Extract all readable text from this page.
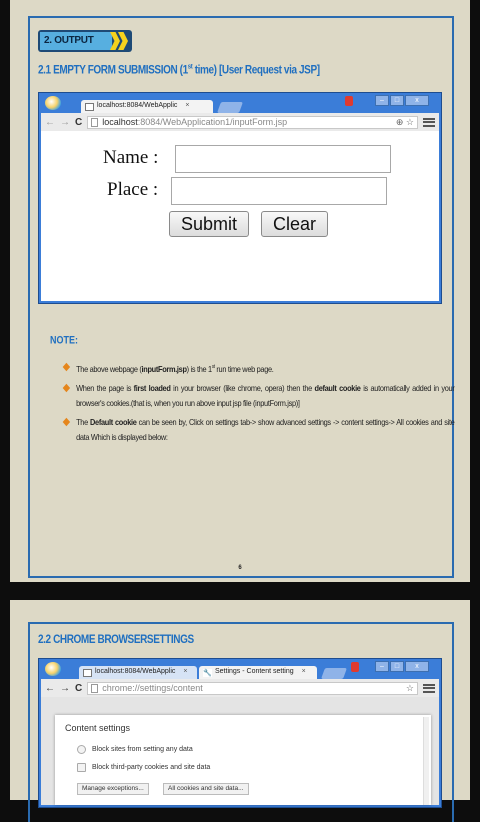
2. OUTPUT
2.1 EMPTY FORM SUBMISSION (1st time) [User Request via JSP]
localhost:8084/WebApplic ×
–	□	x
← → C localhost:8084/WebApplication1/inputForm.jsp	⊕ ☆
Name :
Place :
Submit	Clear
NOTE:
The above webpage (inputForm.jsp) is the 1st run time web page.
When the page is first loaded in your browser (like chrome, opera) then the default cookie is automatically added in your browser's cookies.(that is, when you run above input jsp file (inputForm.jsp)]
The Default cookie can be seen by, Click on settings tab-> show advanced settings -> content settings-> All cookies and site data Which is displayed below:
6
2.2 CHROME BROWSERSETTINGS
localhost:8084/WebApplic ×	🔧 Settings - Content setting ×
–	□	x
← → C chrome://settings/content	☆
Content settings
Block sites from setting any data
Block third-party cookies and site data
Manage exceptions...	All cookies and site data...
